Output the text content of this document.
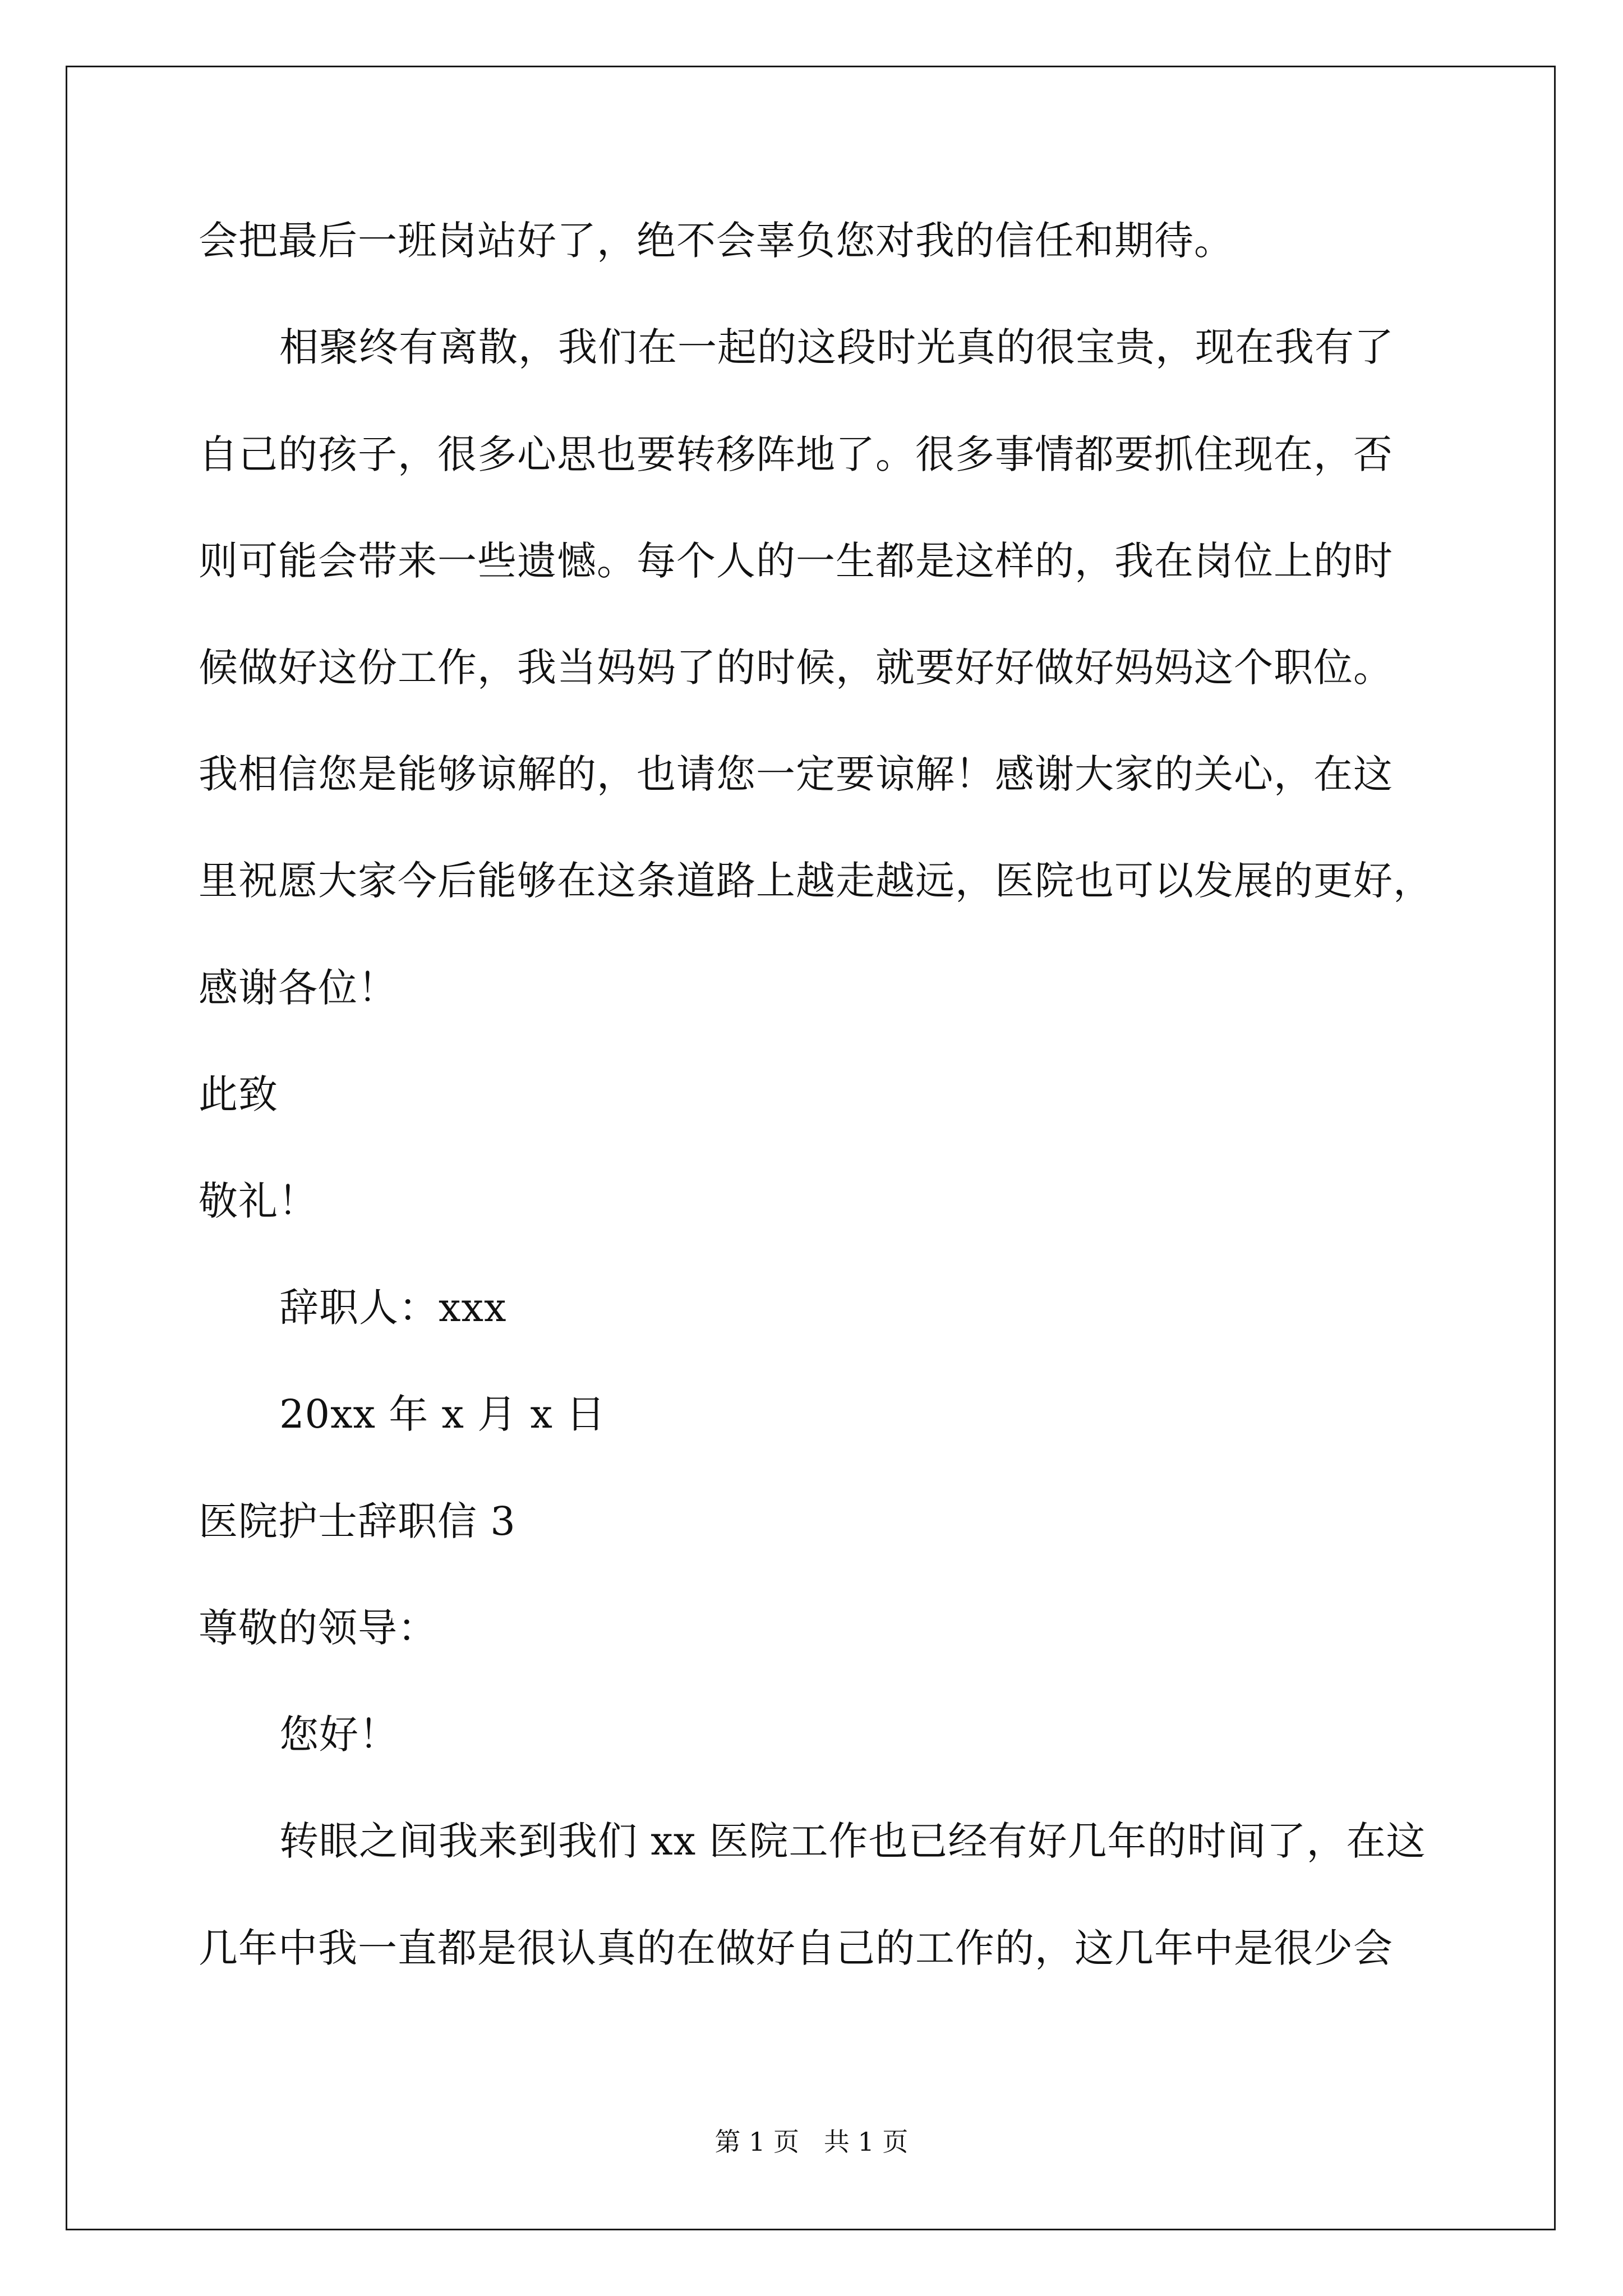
会把最后一班岗站好了，绝不会辜负您对我的信任和期待。
相聚终有离散，我们在一起的这段时光真的很宝贵，现在我有了
自己的孩子，很多心思也要转移阵地了。很多事情都要抓住现在，否
则可能会带来一些遗憾。每个人的一生都是这样的，我在岗位上的时
候做好这份工作，我当妈妈了的时候，就要好好做好妈妈这个职位。
我相信您是能够谅解的，也请您一定要谅解！感谢大家的关心，在这
里祝愿大家今后能够在这条道路上越走越远，医院也可以发展的更好，
感谢各位！
此致
敬礼！
辞职人：xxx
20xx 年 x 月 x 日
医院护士辞职信 3
尊敬的领导：
您好！
转眼之间我来到我们 xx 医院工作也已经有好几年的时间了，在这
几年中我一直都是很认真的在做好自己的工作的，这几年中是很少会
第 1 页   共 1 页
